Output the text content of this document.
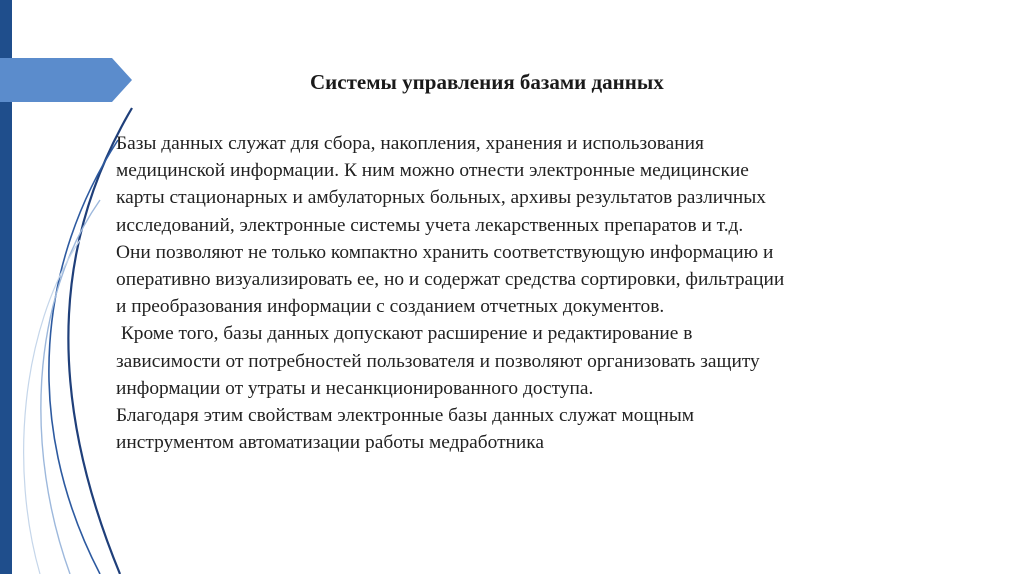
Системы управления базами данных
Базы данных служат для сбора, накопления, хранения и использования
медицинской информации. К ним можно отнести электронные медицинские
карты стационарных и амбулаторных больных, архивы результатов различных
исследований, электронные системы учета лекарственных препаратов и т.д.
Они позволяют не только компактно хранить соответствующую информацию и
оперативно визуализировать ее, но и содержат средства сортировки, фильтрации
и преобразования информации с созданием отчетных документов.
Кроме того, базы данных допускают расширение и редактирование в
зависимости от потребностей пользователя и позволяют организовать защиту
информации от утраты и несанкционированного доступа.
Благодаря этим свойствам электронные базы данных служат мощным
инструментом автоматизации работы медработника
